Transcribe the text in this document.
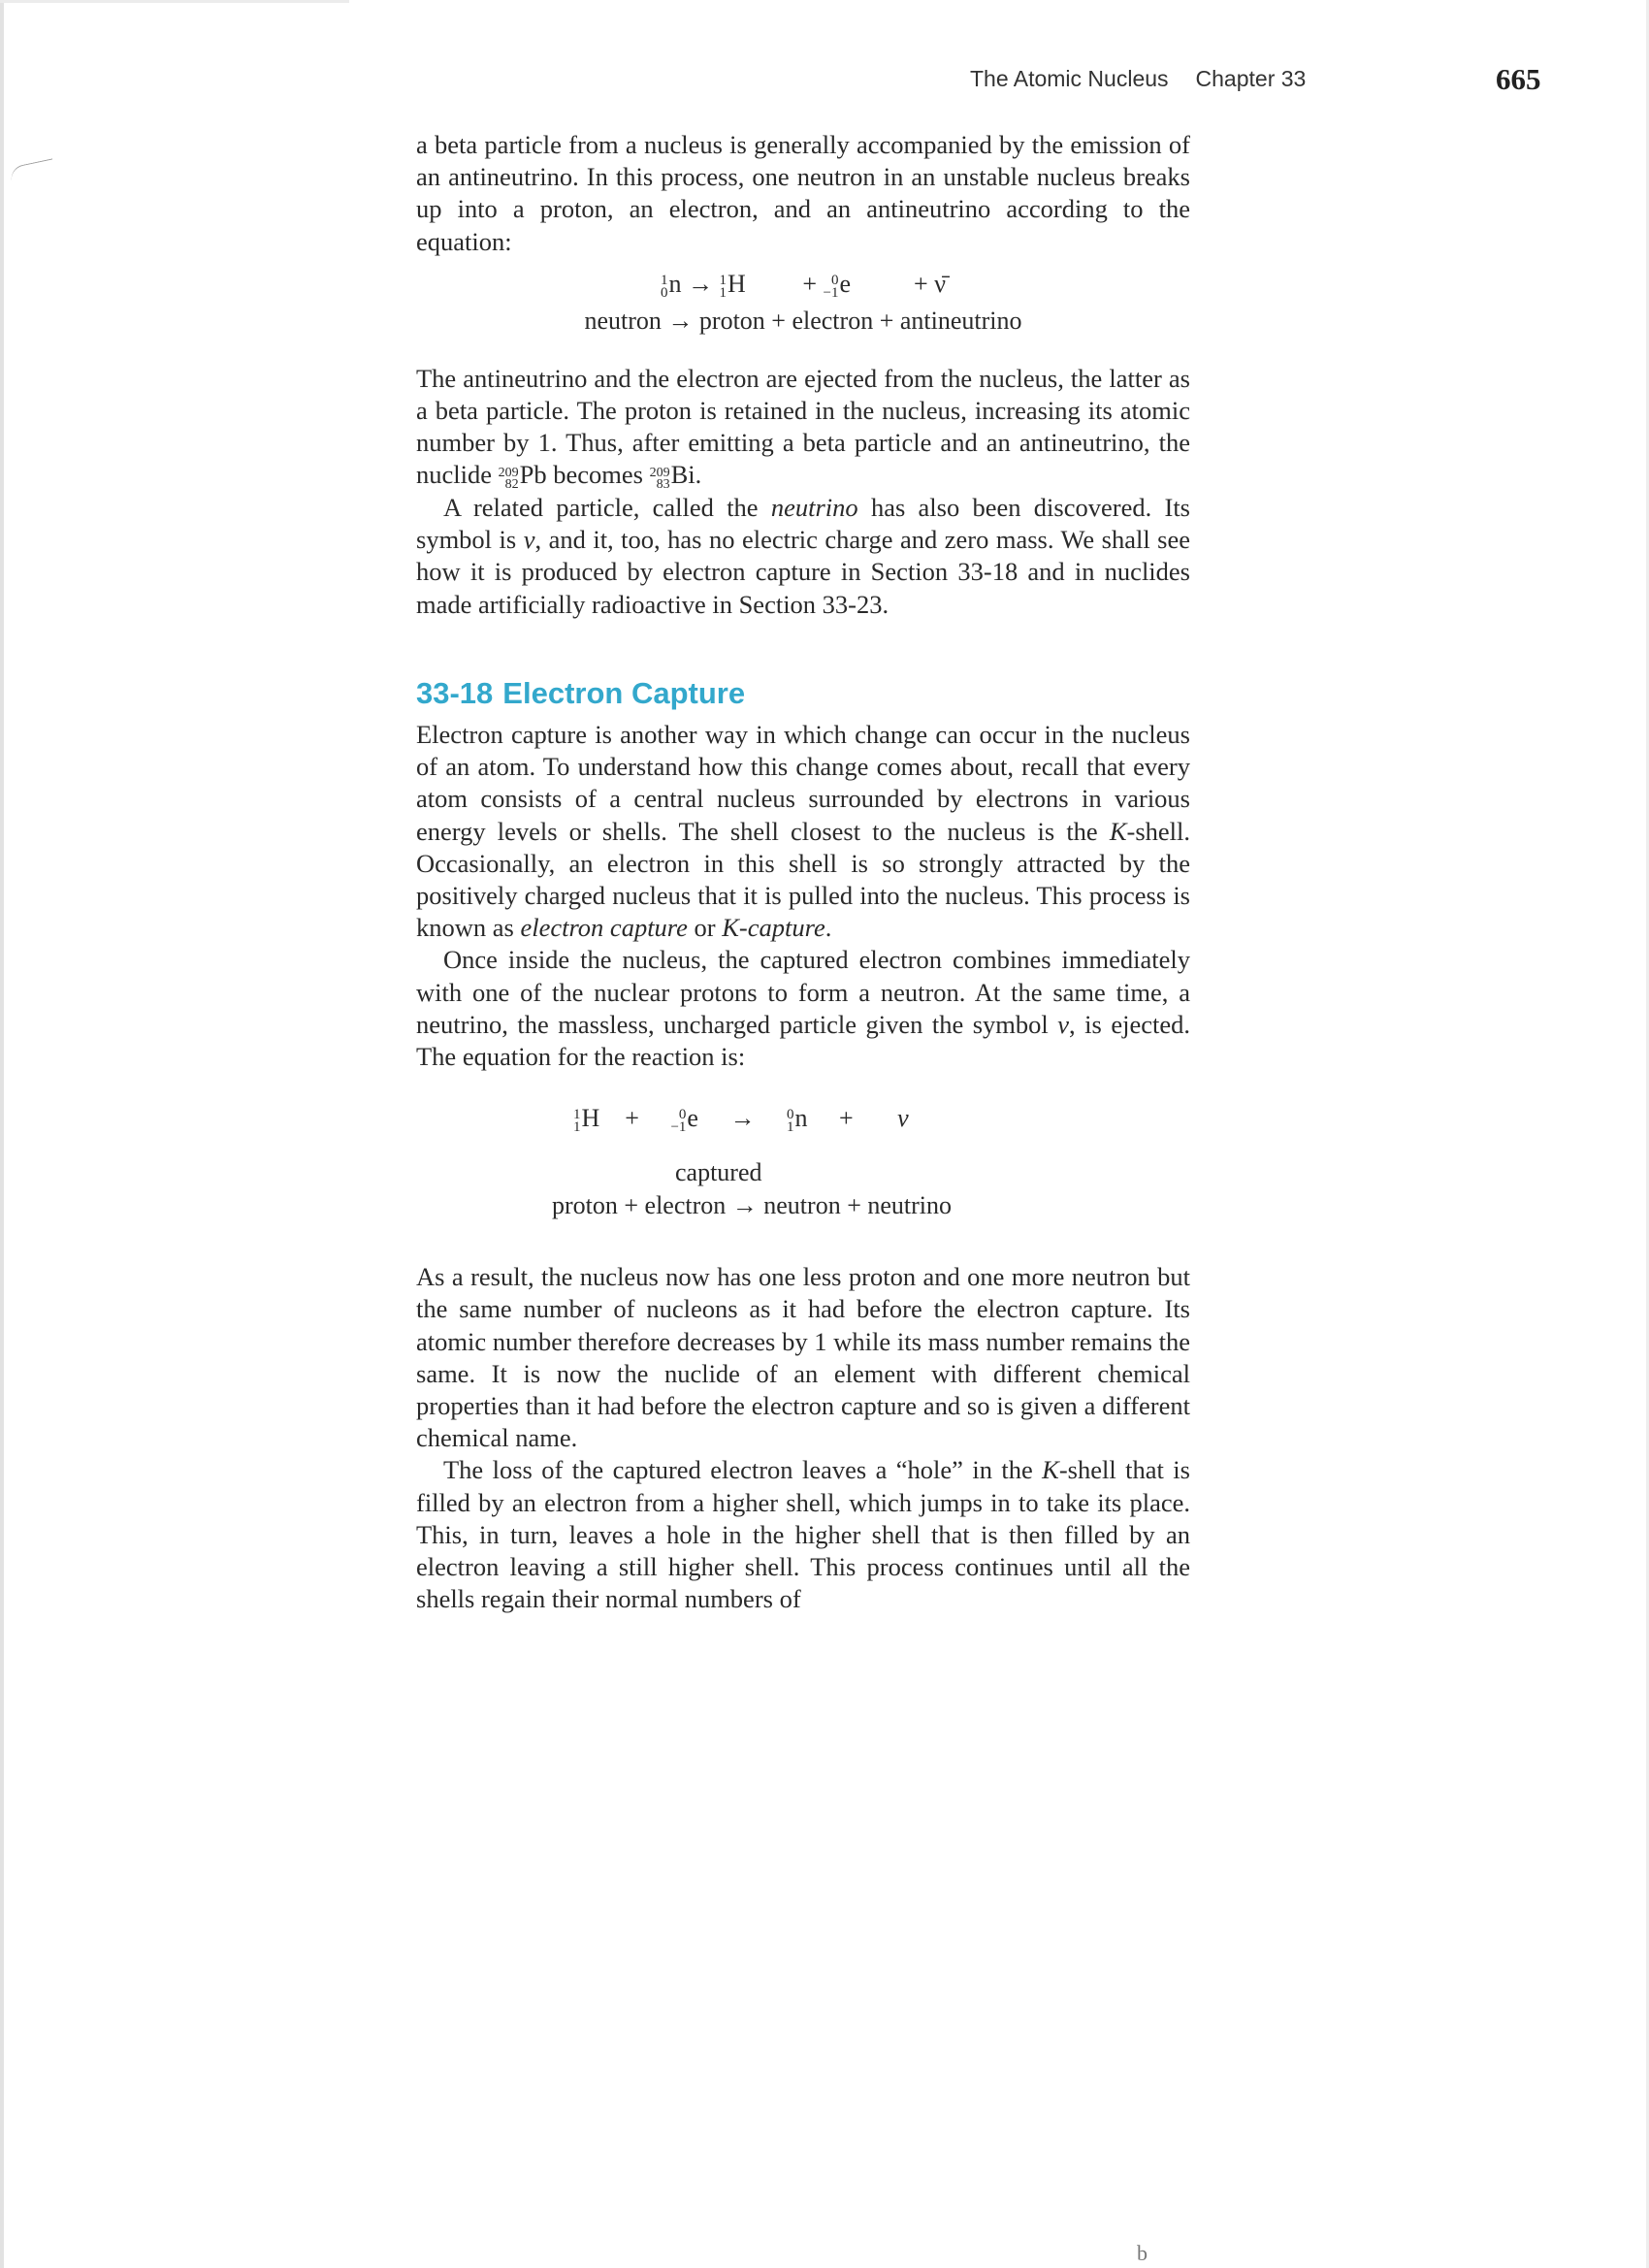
The Atomic Nucleus Chapter 33	665

a beta particle from a nucleus is generally accompanied by the emission of an antineutrino. In this process, one neutron in an unstable nucleus breaks up into a proton, an electron, and an antineutrino according to the equation:

1
0 n → 1
1 H + 0
−1 e	+ ν̄
neutron → proton + electron + antineutrino

The antineutrino and the electron are ejected from the nucleus, the latter as a beta particle. The proton is retained in the nucleus, increasing its atomic number by 1. Thus, after emitting a beta particle and an antineutrino, the nuclide 209
82 Pb becomes 209
83 Bi.

A related particle, called the neutrino has also been discovered. Its symbol is ν, and it, too, has no electric charge and zero mass. We shall see how it is produced by electron capture in Section 33-18 and in nuclides made artificially radioactive in Section 33-23.

33-18 Electron Capture

Electron capture is another way in which change can occur in the nucleus of an atom. To understand how this change comes about, recall that every atom consists of a central nucleus surrounded by electrons in various energy levels or shells. The shell closest to the nucleus is the K-shell. Occasionally, an electron in this shell is so strongly attracted by the positively charged nucleus that it is pulled into the nucleus. This process is known as electron capture or K-capture.

Once inside the nucleus, the captured electron combines immediately with one of the nuclear protons to form a neutron. At the same time, a neutrino, the massless, uncharged particle given the symbol ν, is ejected. The equation for the reaction is:

1
1 H +	0
−1 e → 0
1 n + ν
captured
proton + electron → neutron + neutrino

As a result, the nucleus now has one less proton and one more neutron but the same number of nucleons as it had before the electron capture. Its atomic number therefore decreases by 1 while its mass number remains the same. It is now the nuclide of an element with different chemical properties than it had before the electron capture and so is given a different chemical name.

The loss of the captured electron leaves a “hole” in the K-shell that is filled by an electron from a higher shell, which jumps in to take its place. This, in turn, leaves a hole in the higher shell that is then filled by an electron leaving a still higher shell. This process continues until all the shells regain their normal numbers of

b
